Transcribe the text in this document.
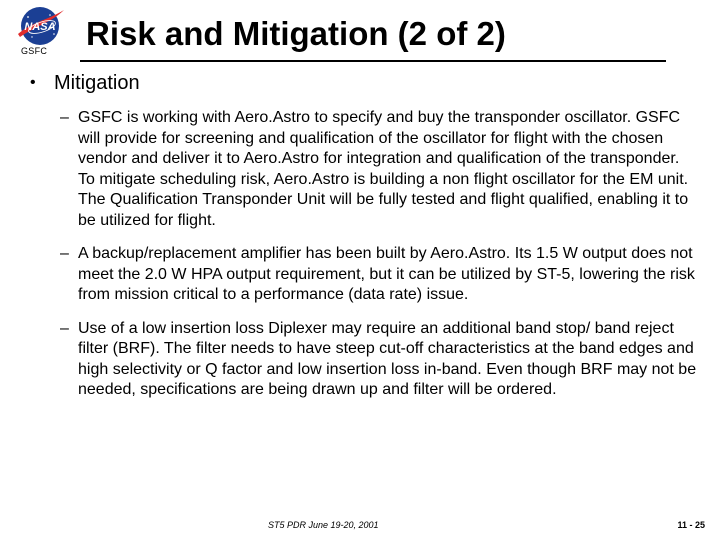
NASA
GSFC Risk and Mitigation (2 of 2)
• Mitigation
– GSFC is working with Aero.Astro to specify and buy the transponder oscillator. GSFC will provide for screening and qualification of the oscillator for flight with the chosen vendor and deliver it to Aero.Astro for integration and qualification of the transponder. To mitigate scheduling risk, Aero.Astro is building a non flight oscillator for the EM unit. The Qualification Transponder Unit will be fully tested and flight qualified, enabling it to be utilized for flight.
– A backup/replacement amplifier has been built by Aero.Astro. Its 1.5 W output does not meet the 2.0 W HPA output requirement, but it can be utilized by ST-5, lowering the risk from mission critical to a performance (data rate) issue.
– Use of a low insertion loss Diplexer may require an additional band stop/ band reject filter (BRF). The filter needs to have steep cut-off characteristics at the band edges and high selectivity or Q factor and low insertion loss in-band. Even though BRF may not be needed, specifications are being drawn up and filter will be ordered.
ST5 PDR June 19-20, 2001	11 - 25
